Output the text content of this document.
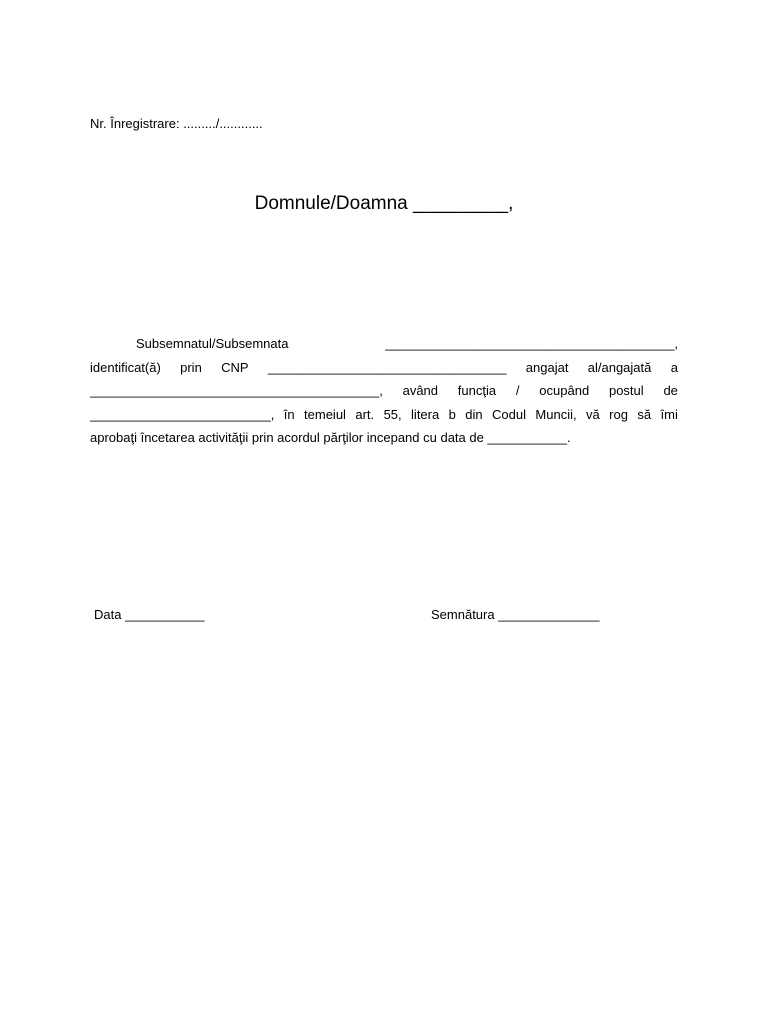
Nr. Înregistrare: ........./............
Domnule/Doamna _________,
Subsemnatul/Subsemnata	________________________________________,
identificat(ă) prin CNP _________________________________ angajat al/angajată a
________________________________________, având funcţia / ocupând postul de
_________________________, în temeiul art. 55, litera b din Codul Muncii, vă rog să îmi
aprobaţi încetarea activităţii prin acordul părţilor incepand cu data de ___________.
Data ___________	Semnătura ______________
